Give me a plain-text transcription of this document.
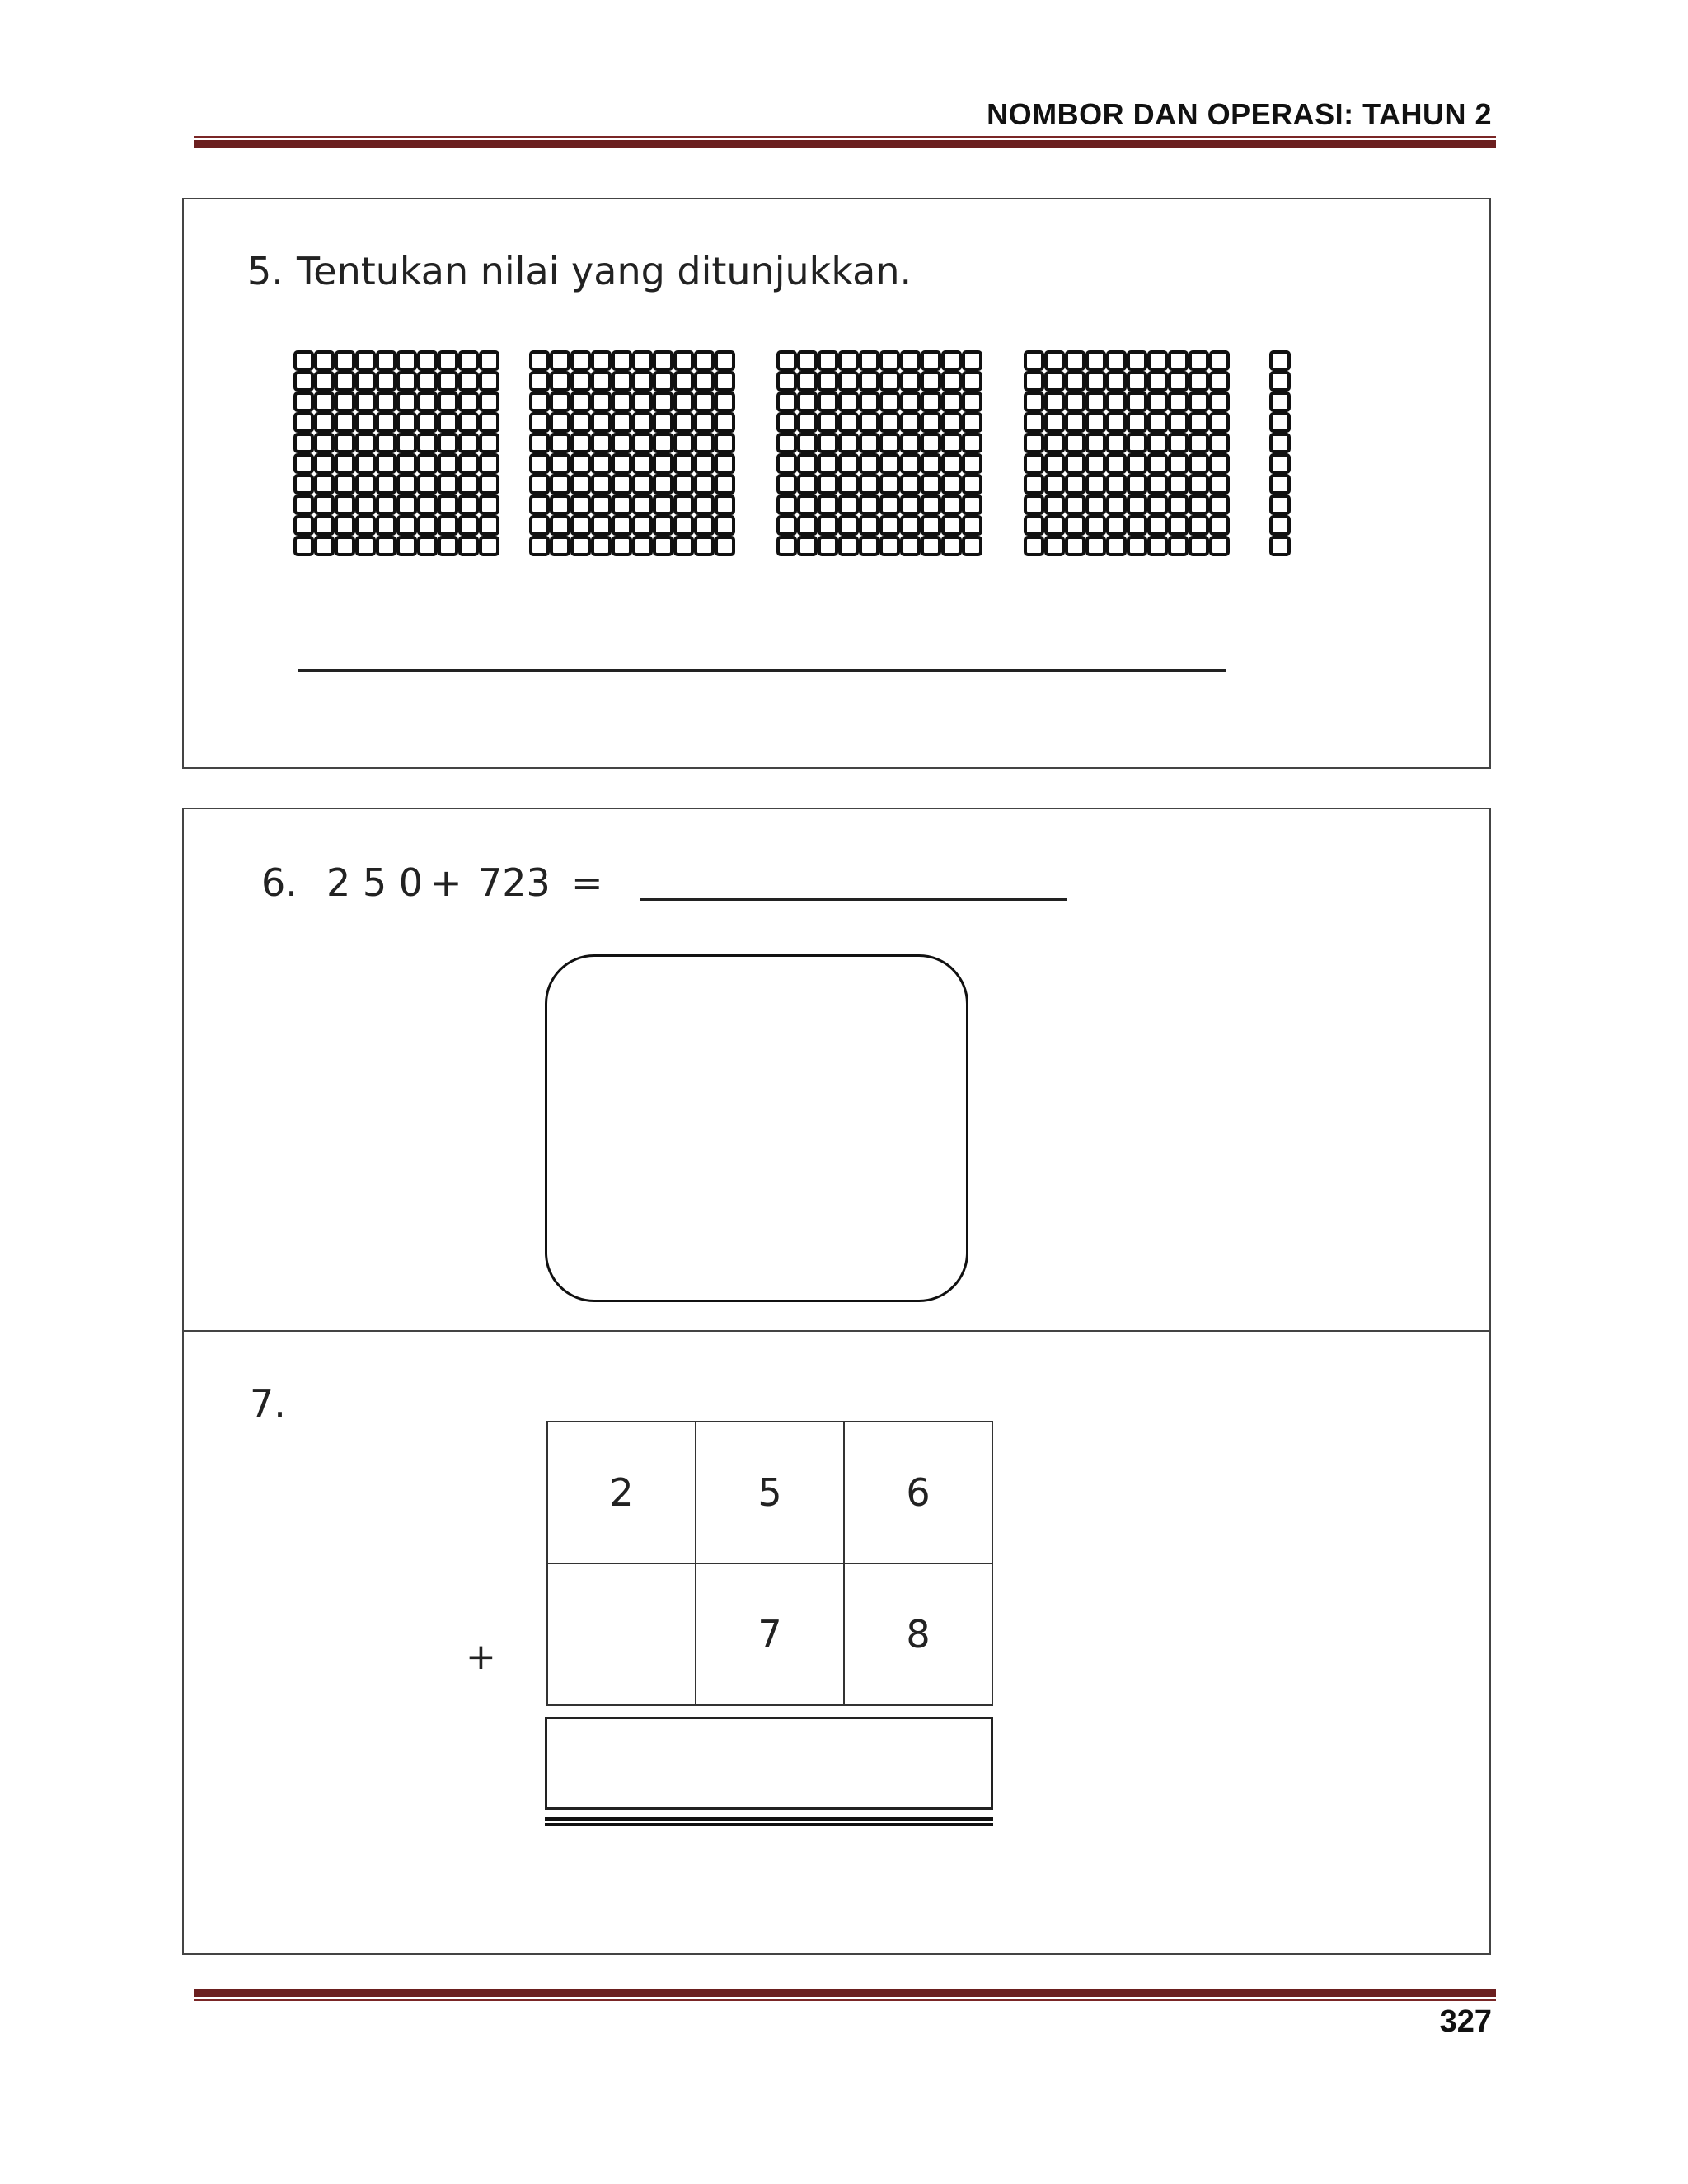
NOMBOR DAN OPERASI: TAHUN 2
5. Tentukan nilai yang ditunjukkan.
6. 2 5 0 + 723 =
7.
2	5	6
	7	8
+
327
